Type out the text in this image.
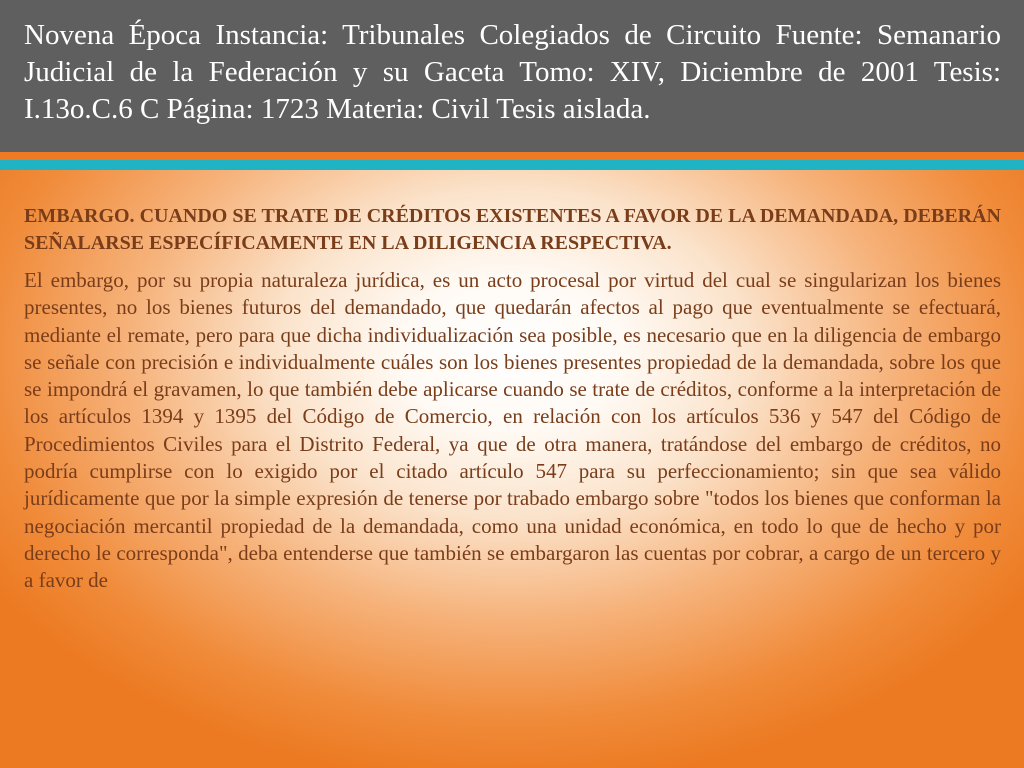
Novena Época Instancia: Tribunales Colegiados de Circuito Fuente: Semanario Judicial de la Federación y su Gaceta Tomo: XIV, Diciembre de 2001 Tesis: I.13o.C.6 C Página: 1723 Materia: Civil Tesis aislada.
EMBARGO. CUANDO SE TRATE DE CRÉDITOS EXISTENTES A FAVOR DE LA DEMANDADA, DEBERÁN SEÑALARSE ESPECÍFICAMENTE EN LA DILIGENCIA RESPECTIVA.

El embargo, por su propia naturaleza jurídica, es un acto procesal por virtud del cual se singularizan los bienes presentes, no los bienes futuros del demandado, que quedarán afectos al pago que eventualmente se efectuará, mediante el remate, pero para que dicha individualización sea posible, es necesario que en la diligencia de embargo se señale con precisión e individualmente cuáles son los bienes presentes propiedad de la demandada, sobre los que se impondrá el gravamen, lo que también debe aplicarse cuando se trate de créditos, conforme a la interpretación de los artículos 1394 y 1395 del Código de Comercio, en relación con los artículos 536 y 547 del Código de Procedimientos Civiles para el Distrito Federal, ya que de otra manera, tratándose del embargo de créditos, no podría cumplirse con lo exigido por el citado artículo 547 para su perfeccionamiento; sin que sea válido jurídicamente que por la simple expresión de tenerse por trabado embargo sobre "todos los bienes que conforman la negociación mercantil propiedad de la demandada, como una unidad económica, en todo lo que de hecho y por derecho le corresponda", deba entenderse que también se embargaron las cuentas por cobrar, a cargo de un tercero y a favor de
